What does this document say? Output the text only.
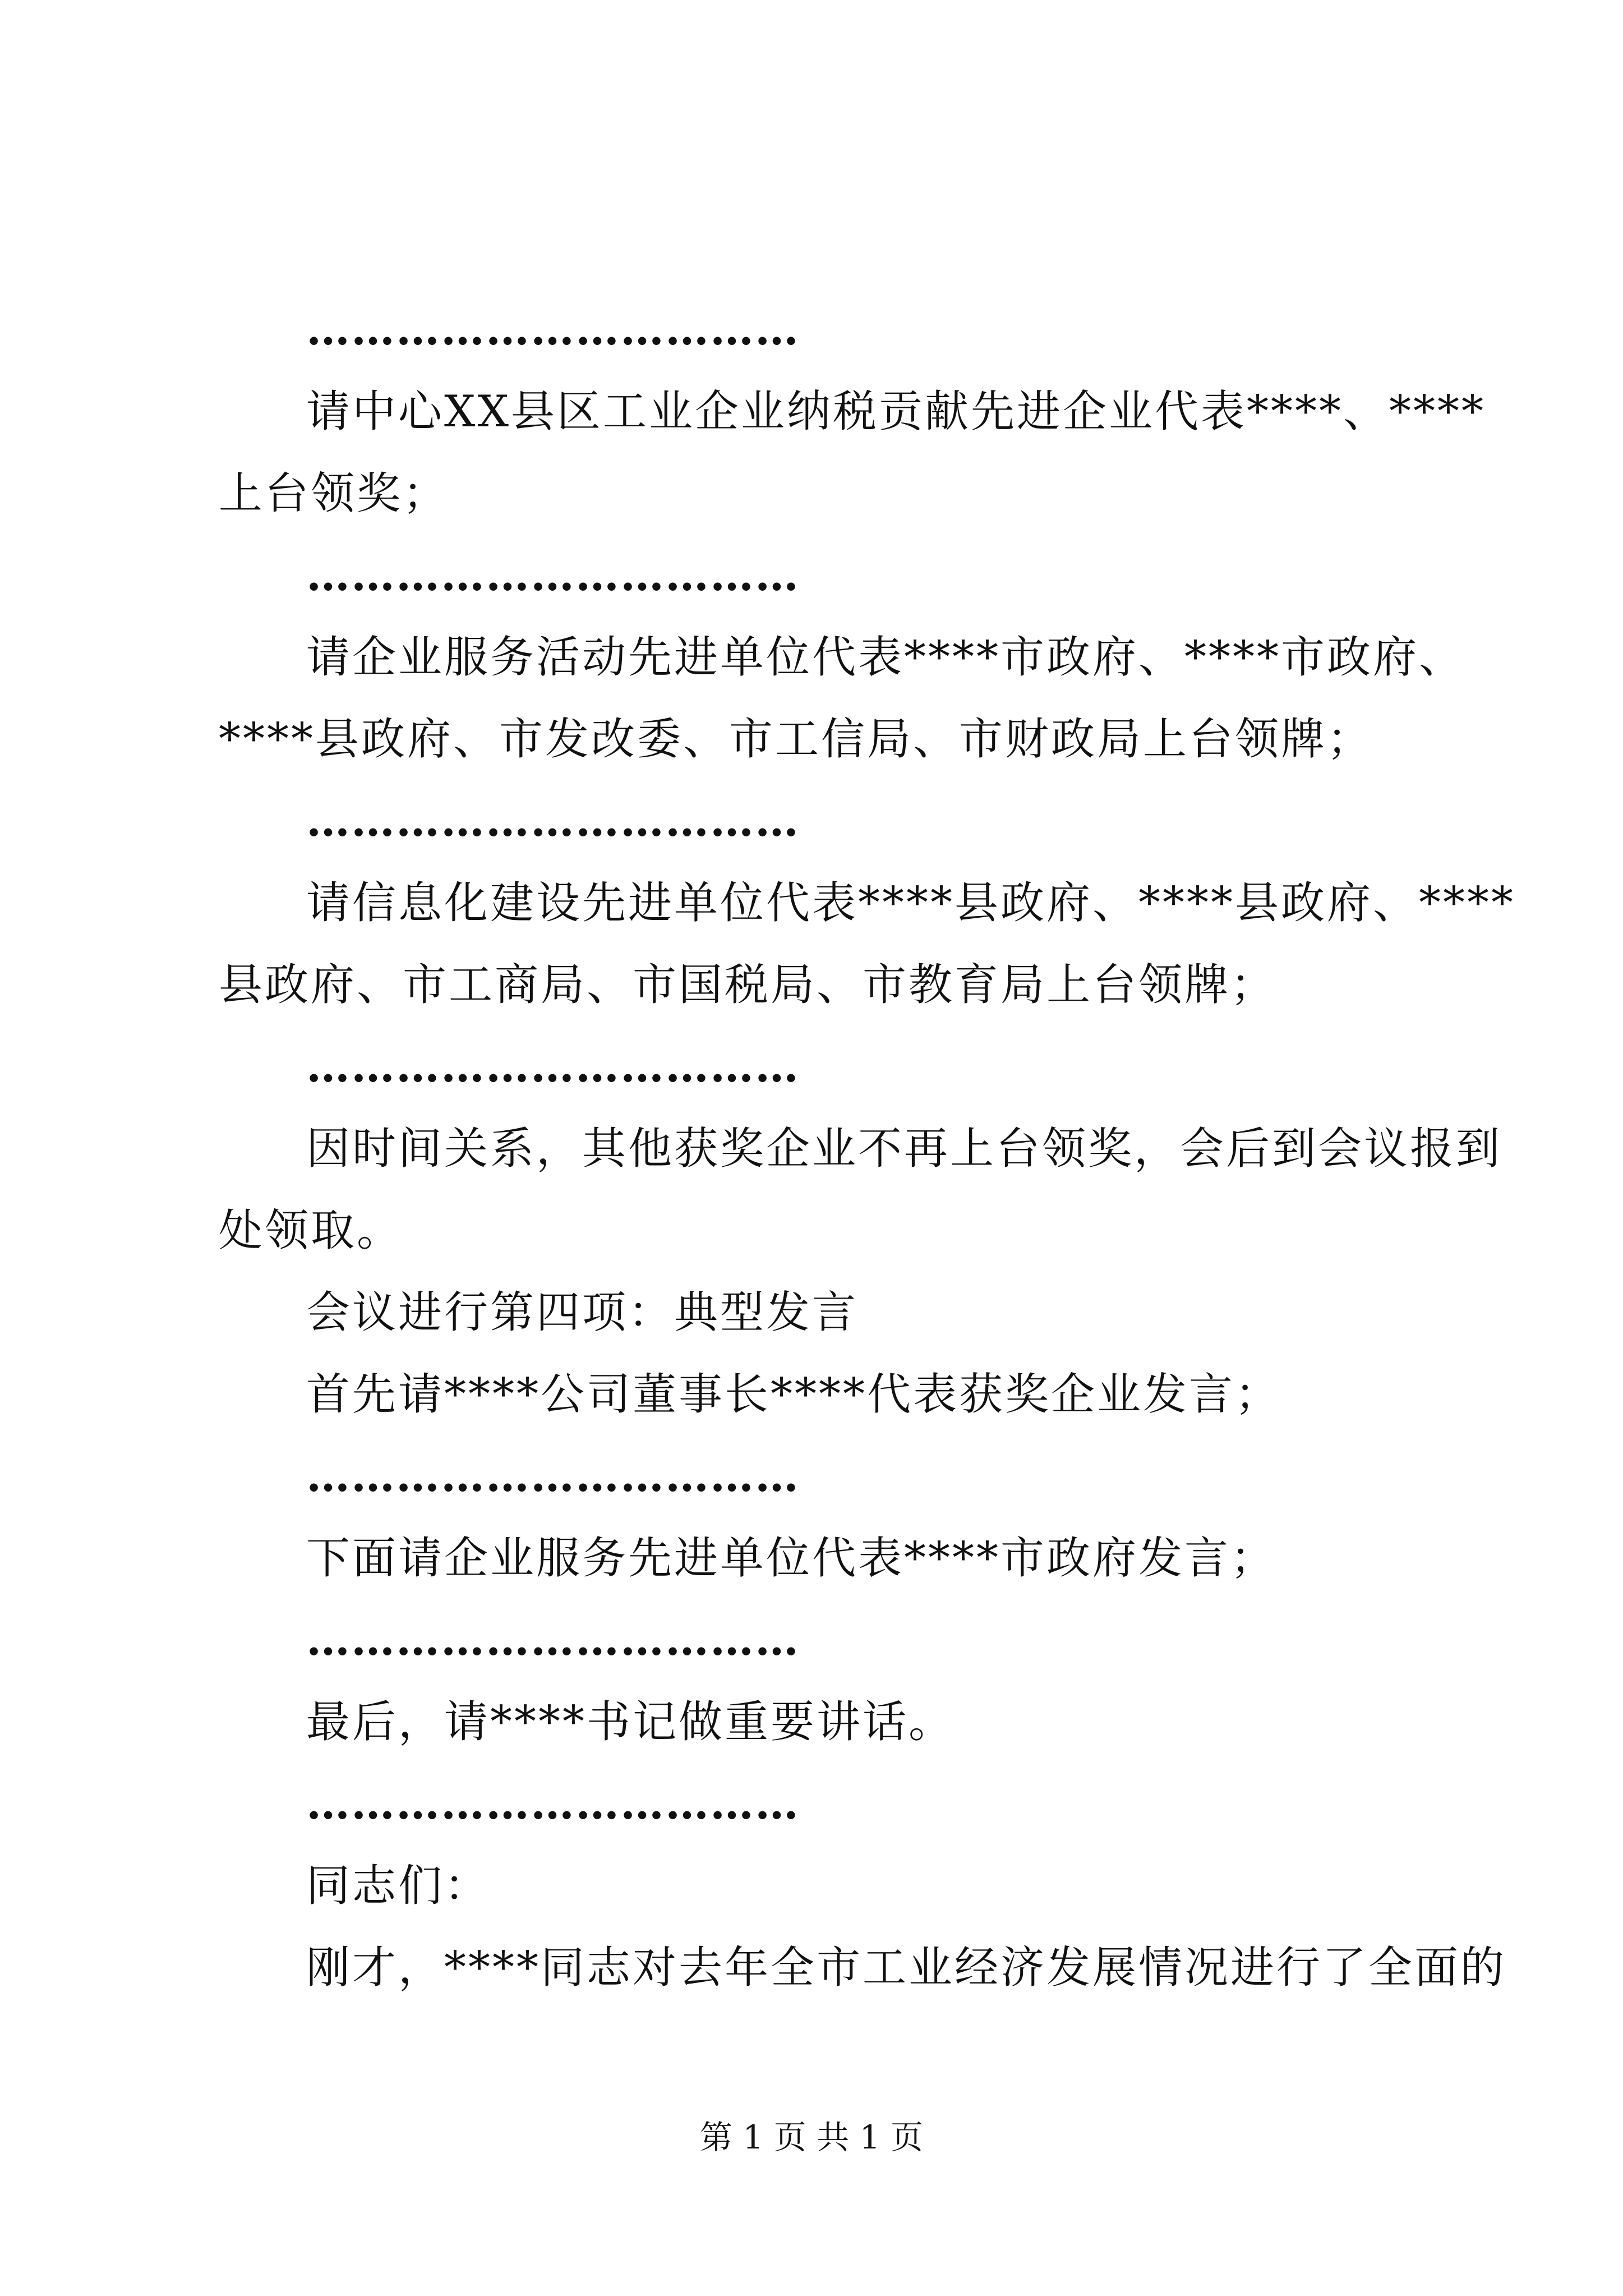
……………………………
请中心XX县区工业企业纳税贡献先进企业代表****、****
上台领奖；
……………………………
请企业服务活动先进单位代表****市政府、****市政府、
****县政府、市发改委、市工信局、市财政局上台领牌；
……………………………
请信息化建设先进单位代表****县政府、****县政府、****
县政府、市工商局、市国税局、市教育局上台领牌；
……………………………
因时间关系，其他获奖企业不再上台领奖，会后到会议报到
处领取。
会议进行第四项：典型发言
首先请****公司董事长****代表获奖企业发言；
……………………………
下面请企业服务先进单位代表****市政府发言；
……………………………
最后，请****书记做重要讲话。
……………………………
同志们：
刚才，****同志对去年全市工业经济发展情况进行了全面的
第 1 页 共 1 页
